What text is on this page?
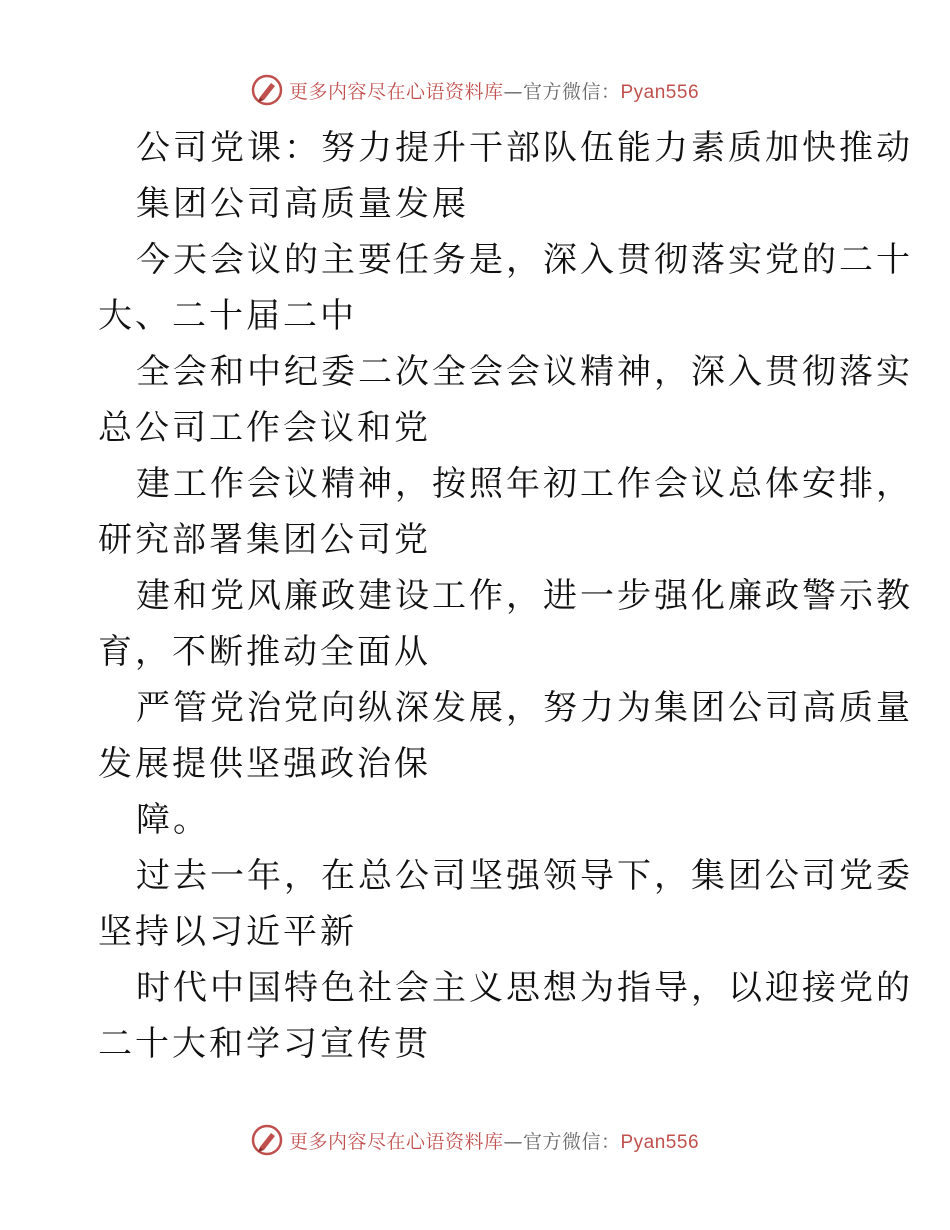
更多内容尽在心语资料库—官方微信：Pyan556
公司党课：努力提升干部队伍能力素质加快推动
集团公司高质量发展
今天会议的主要任务是，深入贯彻落实党的二十
大、二十届二中
全会和中纪委二次全会会议精神，深入贯彻落实
总公司工作会议和党
建工作会议精神，按照年初工作会议总体安排，
研究部署集团公司党
建和党风廉政建设工作，进一步强化廉政警示教
育，不断推动全面从
严管党治党向纵深发展，努力为集团公司高质量
发展提供坚强政治保
障。
过去一年，在总公司坚强领导下，集团公司党委
坚持以习近平新
时代中国特色社会主义思想为指导，以迎接党的
二十大和学习宣传贯
更多内容尽在心语资料库—官方微信：Pyan556
